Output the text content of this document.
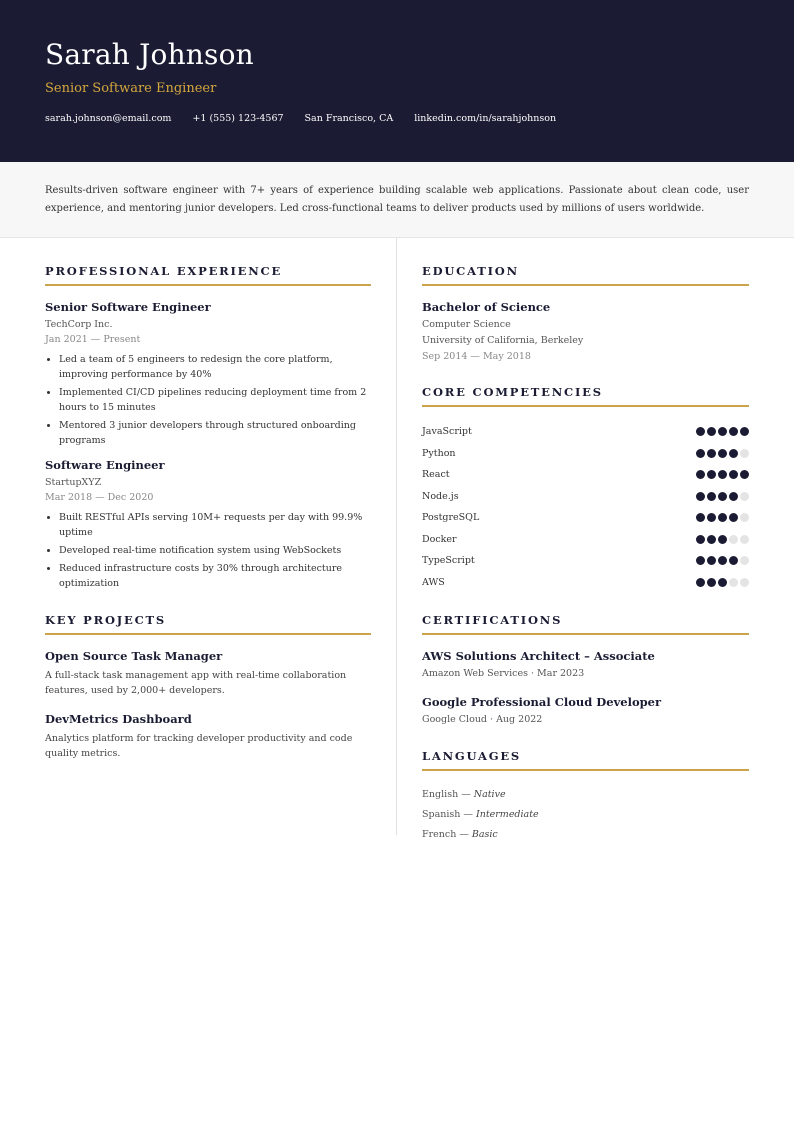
Sarah Johnson
Senior Software Engineer
sarah.johnson@email.com +1 (555) 123-4567 San Francisco, CA linkedin.com/in/sarahjohnson

Results-driven software engineer with 7+ years of experience building scalable web applications. Passionate about clean code, user experience, and mentoring junior developers. Led cross-functional teams to deliver products used by millions of users worldwide.

PROFESSIONAL EXPERIENCE
Senior Software Engineer
TechCorp Inc.
Jan 2021 — Present
Led a team of 5 engineers to redesign the core platform, improving performance by 40%
Implemented CI/CD pipelines reducing deployment time from 2 hours to 15 minutes
Mentored 3 junior developers through structured onboarding programs
Software Engineer
StartupXYZ
Mar 2018 — Dec 2020
Built RESTful APIs serving 10M+ requests per day with 99.9% uptime
Developed real-time notification system using WebSockets
Reduced infrastructure costs by 30% through architecture optimization
KEY PROJECTS
Open Source Task Manager
A full-stack task management app with real-time collaboration features, used by 2,000+ developers.
DevMetrics Dashboard
Analytics platform for tracking developer productivity and code quality metrics.
EDUCATION
Bachelor of Science
Computer Science
University of California, Berkeley
Sep 2014 — May 2018
CORE COMPETENCIES
JavaScript
Python
React
Node.js
PostgreSQL
Docker
TypeScript
AWS
CERTIFICATIONS
AWS Solutions Architect – Associate
Amazon Web Services · Mar 2023
Google Professional Cloud Developer
Google Cloud · Aug 2022
LANGUAGES
English — Native
Spanish — Intermediate
French — Basic
